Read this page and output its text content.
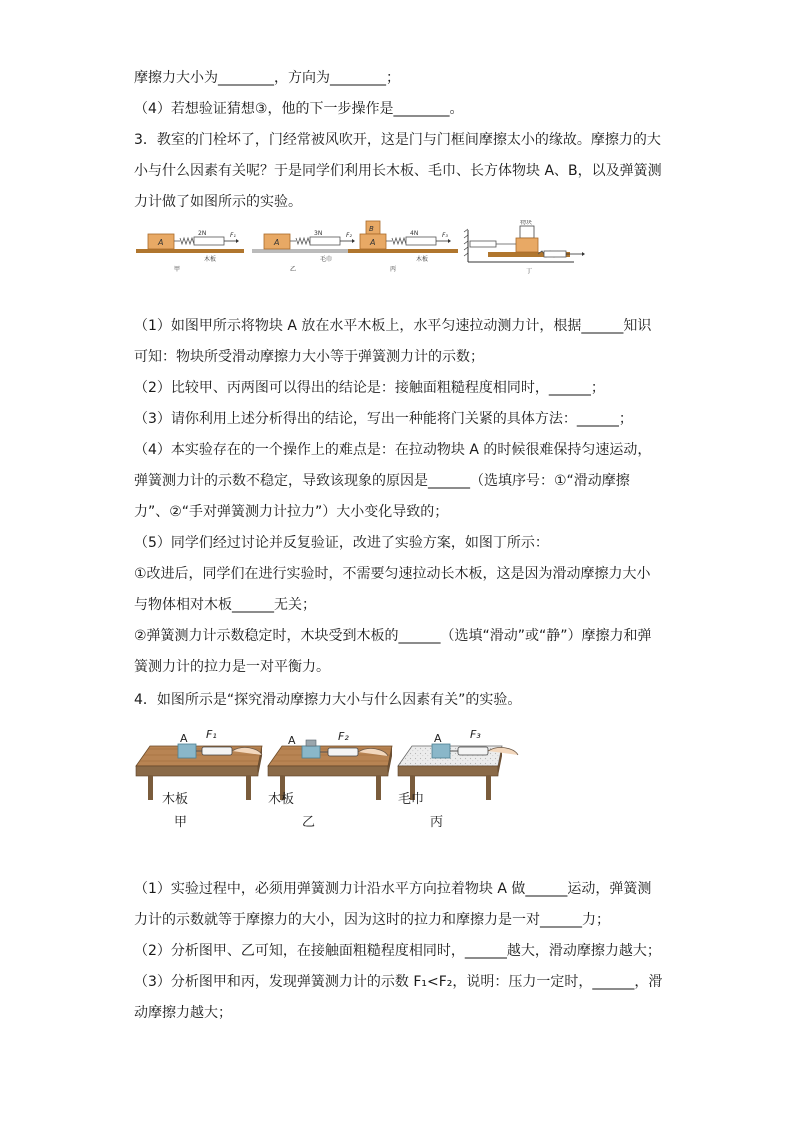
摩擦力大小为________，方向为________；
（4）若想验证猜想③，他的下一步操作是________。
3．教室的门栓坏了，门经常被风吹开，这是门与门框间摩擦太小的缘故。摩擦力的大
小与什么因素有关呢？于是同学们利用长木板、毛巾、长方体物块 A、B，以及弹簧测
力计做了如图所示的实验。
A
2N	F₁
木板
甲
A
3N	F₂
毛巾
乙
B
A
4N	F₃
木板
丙
物块
丁
（1）如图甲所示将物块 A 放在水平木板上，水平匀速拉动测力计，根据______知识
可知：物块所受滑动摩擦力大小等于弹簧测力计的示数；
（2）比较甲、丙两图可以得出的结论是：接触面粗糙程度相同时，______；
（3）请你利用上述分析得出的结论，写出一种能将门关紧的具体方法：______；
（4）本实验存在的一个操作上的难点是：在拉动物块 A 的时候很难保持匀速运动，
弹簧测力计的示数不稳定，导致该现象的原因是______（选填序号：①“滑动摩擦
力”、②“手对弹簧测力计拉力”）大小变化导致的；
（5）同学们经过讨论并反复验证，改进了实验方案，如图丁所示：
①改进后，同学们在进行实验时，不需要匀速拉动长木板，这是因为滑动摩擦力大小
与物体相对木板______无关；
②弹簧测力计示数稳定时，木块受到木板的______（选填“滑动”或“静”）摩擦力和弹
簧测力计的拉力是一对平衡力。
4．如图所示是“探究滑动摩擦力大小与什么因素有关”的实验。
A F₁	A	F₂	A	F₃
木板	木板	毛巾
甲	乙	丙
（1）实验过程中，必须用弹簧测力计沿水平方向拉着物块 A 做______运动，弹簧测
力计的示数就等于摩擦力的大小，因为这时的拉力和摩擦力是一对______力；
（2）分析图甲、乙可知，在接触面粗糙程度相同时，______越大，滑动摩擦力越大；
（3）分析图甲和丙，发现弹簧测力计的示数 F₁<F₂，说明：压力一定时，______，滑
动摩擦力越大；
